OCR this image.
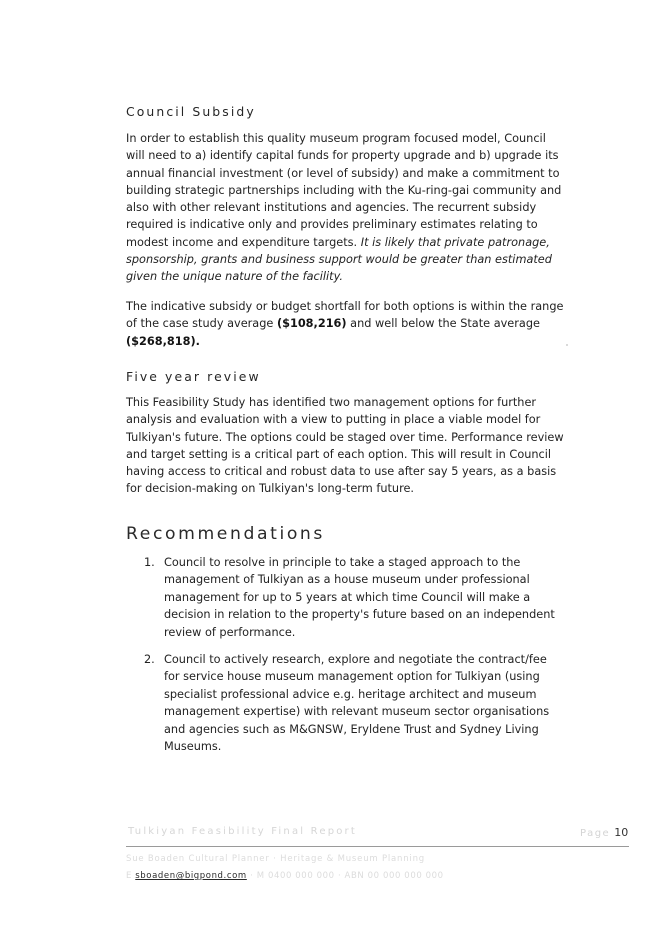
Council Subsidy

In order to establish this quality museum program focused model, Council will need to a) identify capital funds for property upgrade and b) upgrade its annual financial investment (or level of subsidy) and make a commitment to building strategic partnerships including with the Ku-ring-gai community and also with other relevant institutions and agencies. The recurrent subsidy required is indicative only and provides preliminary estimates relating to modest income and expenditure targets. It is likely that private patronage, sponsorship, grants and business support would be greater than estimated given the unique nature of the facility.

The indicative subsidy or budget shortfall for both options is within the range of the case study average ($108,216) and well below the State average ($268,818).

Five year review

This Feasibility Study has identified two management options for further analysis and evaluation with a view to putting in place a viable model for Tulkiyan's future. The options could be staged over time. Performance review and target setting is a critical part of each option. This will result in Council having access to critical and robust data to use after say 5 years, as a basis for decision-making on Tulkiyan's long-term future.

Recommendations
1. Council to resolve in principle to take a staged approach to the management of Tulkiyan as a house museum under professional management for up to 5 years at which time Council will make a decision in relation to the property's future based on an independent review of performance.
2. Council to actively research, explore and negotiate the contract/fee for service house museum management option for Tulkiyan (using specialist professional advice e.g. heritage architect and museum management expertise) with relevant museum sector organisations and agencies such as M&GNSW, Eryldene Trust and Sydney Living Museums.
Tulkiyan Feasibility Final Report	Page 10
Sue Boaden Cultural Planner · Heritage & Museum Planning
E sboaden@bigpond.com · M 0400 000 000 · ABN 00 000 000 000
